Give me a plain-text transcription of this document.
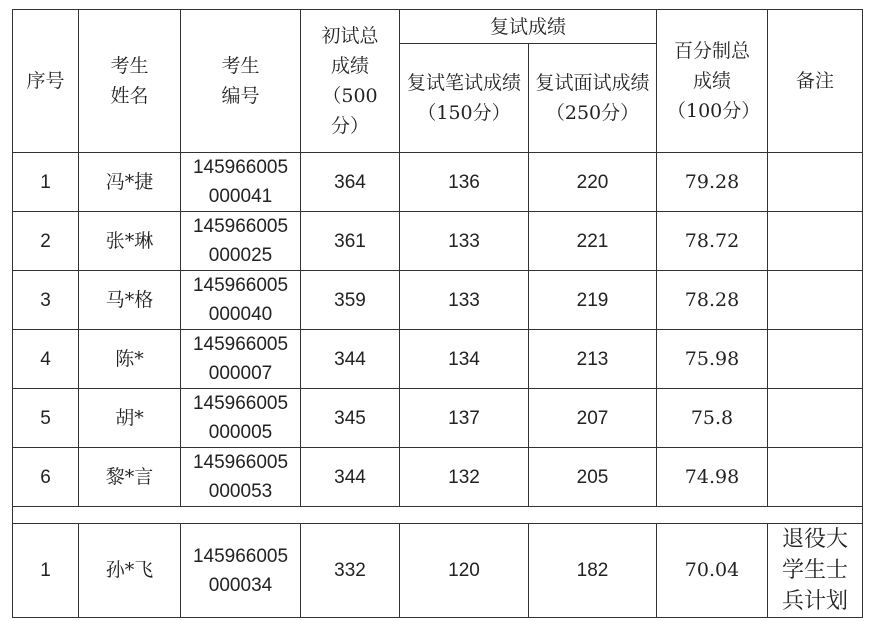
序号	考生姓名	考生编号	初试总成绩（500分）	复试成绩		百分制总成绩（100分）	备注

				复试笔试成绩（150分）	复试面试成绩（250分）		

1	冯*捷	145966005
000041	364	136	220	79.28	
2	张*琳	145966005
000025	361	133	221	78.72	
3	马*格	145966005
000040	359	133	219	78.28	
4	陈*	145966005
000007	344	134	213	75.98	
5	胡*	145966005
000005	345	137	207	75.8	
6	黎*言	145966005
000053	344	132	205	74.98	

1	孙*飞	145966005
000034	332	120	182	70.04	退役大学生士兵计划
